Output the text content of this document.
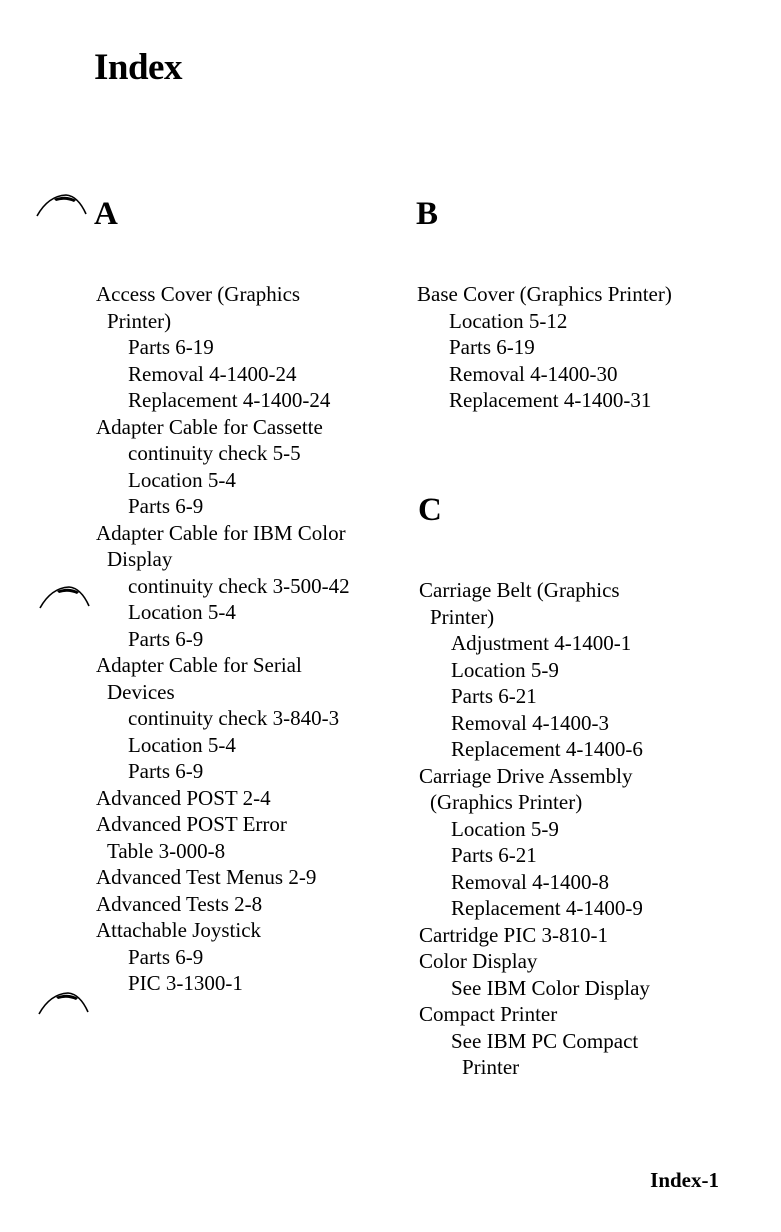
Index
A
Access Cover (Graphics
Printer)
Parts 6-19
Removal 4-1400-24
Replacement 4-1400-24
Adapter Cable for Cassette
continuity check 5-5
Location 5-4
Parts 6-9
Adapter Cable for IBM Color
Display
continuity check 3-500-42
Location 5-4
Parts 6-9
Adapter Cable for Serial
Devices
continuity check 3-840-3
Location 5-4
Parts 6-9
Advanced POST 2-4
Advanced POST Error
Table 3-000-8
Advanced Test Menus 2-9
Advanced Tests 2-8
Attachable Joystick
Parts 6-9
PIC 3-1300-1
B
Base Cover (Graphics Printer)
Location 5-12
Parts 6-19
Removal 4-1400-30
Replacement 4-1400-31
C
Carriage Belt (Graphics
Printer)
Adjustment 4-1400-1
Location 5-9
Parts 6-21
Removal 4-1400-3
Replacement 4-1400-6
Carriage Drive Assembly
(Graphics Printer)
Location 5-9
Parts 6-21
Removal 4-1400-8
Replacement 4-1400-9
Cartridge PIC 3-810-1
Color Display
See IBM Color Display
Compact Printer
See IBM PC Compact
Printer
Index-1
